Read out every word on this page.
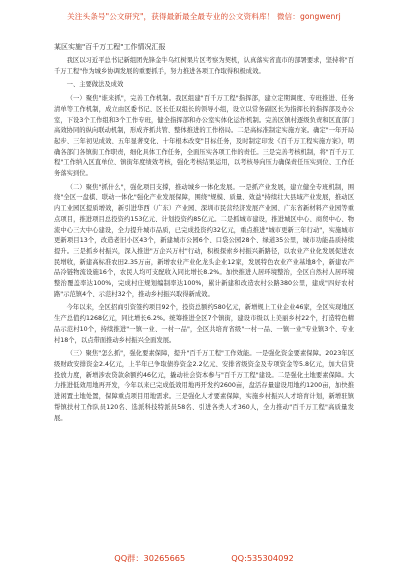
关注头条号"公文研究"，获得最新最全最专业的公文资料库！ 微信：gongwenrj

某区实施"百千万工程"工作情况汇报

我区以习近平总书记新组团先锋金牛乌红树果片区考察为契机，认真落实省直市的部署要求，坚持将"百千万工程"作为城乡协调发展的重要抓手，努力推进各项工作取得积极成效。

一、主要做法及成效

（一）聚焦"谁来抓"，完善工作机制。我区组建"百千万工程"指挥部，建立定期调度、专班推进、任务清单等工作机制，成立由区委书记、区长任双组长的领导小组，设立以常务副区长为指挥长的指挥部及办公室，下设3个工作组和3个工作专班，健全指挥部和办公室实体化运作机制。完善区镇村逐级负责和区直部门高效协同的纵向联动机制，形成齐抓共管、整体推进的工作格局。二是高标准制定实施方案。确定"一年开局起步、三年初见成效、五年显著变化、十年根本改变"目标任务，及时制定印发《百千万工程实施方案》，明确各部门各镇街工作职责，细化具体工作任务，全面压实各项工作的责任。三是完善考核机制，将"百千万工程"工作纳入区直单位、镇街年度绩效考核，强化考核结果运用，以考核导向压力确保责任压实到位、工作任务落实到位。

（二）聚焦"抓什么"，强化项目支撑，推动城乡一体化发展。一是抓产业发展，建立健全专班机制，围绕"全区一盘棋、联动一体化"强化产业发展保障，围绕"规模、质量、效益"持续壮大县域产业发展，推动区内工业园区提质增效，新引进华西（广东）产业园、深圳市民营经济发展产业园、广东省新材料产业园等重点项目，推进项目总投资约153亿元、计划投资约85亿元。二是抓城市建设，推进城区中心、商贸中心、物流中心三大中心建设，全力提升城市品质，已完成投资约32亿元，重点推进"城市更新三年行动"，实施城市更新项目13个，改造老旧小区43个，新建城市公园6个、口袋公园28个、绿道35公里，城市功能品质持续提升。三是抓乡村振兴，深入推进"万企兴万村"行动，积极探索乡村振兴新路径，以农业产业化发展促进农民增收，新建高标准农田2.35万亩，新增农业产业化龙头企业12家，发展特色农业产业基地8个，新建农产品冷链物流设施16个，农民人均可支配收入同比增长8.2%。加快推进人居环境整治，全区自然村人居环境整治覆盖率达100%，完成村庄规划编制率达100%，累计新建和改造农村公路380公里，建成"四好农村路"示范镇4个、示范村32个，推动乡村振兴取得新成效。

今年以来，全区招商引资签约项目92个，投资总额约580亿元，新增规上工业企业46家，全区实现地区生产总值约1268亿元，同比增长6.2%。统筹推进全区7个镇街，建设市级以上美丽乡村22个，打造特色精品示范村10个，持续推进"一镇一业、一村一品"，全区共培育省级"一村一品、一镇一业"专业镇3个、专业村18个，以点带面推动乡村振兴全面发展。

（三）聚焦"怎么抓"，强化要素保障，提升"百千万工程"工作效能。一是强化资金要素保障。2023年区级财政安排资金2.4亿元，上半年已争取债券资金2.2亿元、安排省级资金及专项资金等5.8亿元，加大信贷投放力度，新增涉农贷款余额约46亿元，撬动社会资本参与"百千万工程"建设。二是强化土地要素保障。大力推进低效用地再开发，今年以来已完成低效用地再开发约2600亩，盘活存量建设用地约1200亩，加快推进闲置土地处置，保障重点项目用地需求。三是强化人才要素保障，实施乡村振兴人才培育计划，新增驻镇帮镇扶村工作队员120名、选派科技特派员58名、引进各类人才360人，全力推动"百千万工程"高质量发展。

QQ群：30265665	QQ:535304092
